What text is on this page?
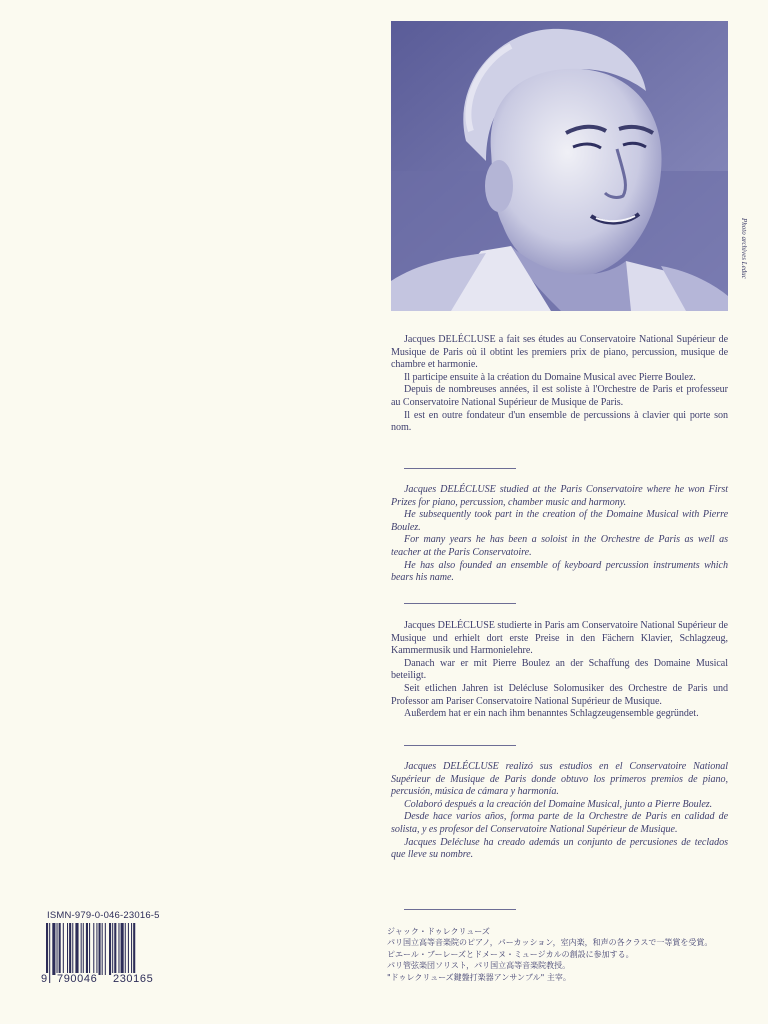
Photo archives Leduc

Jacques DELÉCLUSE a fait ses études au Conservatoire National Supérieur de Musique de Paris où il obtint les premiers prix de piano, percussion, musique de chambre et harmonie.

Il participe ensuite à la création du Domaine Musical avec Pierre Boulez.

Depuis de nombreuses années, il est soliste à l'Orchestre de Paris et professeur au Conservatoire National Supérieur de Musique de Paris.

Il est en outre fondateur d'un ensemble de percussions à clavier qui porte son nom.

Jacques DELÉCLUSE studied at the Paris Conservatoire where he won First Prizes for piano, percussion, chamber music and harmony.

He subsequently took part in the creation of the Domaine Musical with Pierre Boulez.

For many years he has been a soloist in the Orchestre de Paris as well as teacher at the Paris Conservatoire.

He has also founded an ensemble of keyboard percussion instruments which bears his name.

Jacques DELÉCLUSE studierte in Paris am Conservatoire National Supérieur de Musique und erhielt dort erste Preise in den Fächern Klavier, Schlagzeug, Kammermusik und Harmonielehre.

Danach war er mit Pierre Boulez an der Schaffung des Domaine Musical beteiligt.

Seit etlichen Jahren ist Delécluse Solomusiker des Orchestre de Paris und Professor am Pariser Conservatoire National Supérieur de Musique.

Außerdem hat er ein nach ihm benanntes Schlagzeugensemble gegründet.

Jacques DELÉCLUSE realizó sus estudios en el Conservatoire National Supérieur de Musique de Paris donde obtuvo los primeros premios de piano, percusión, música de cámara y harmonía.

Colaboró después a la creación del Domaine Musical, junto a Pierre Boulez.

Desde hace varios años, forma parte de la Orchestre de Paris en calidad de solista, y es profesor del Conservatoire National Supérieur de Musique.

Jacques Delécluse ha creado además un conjunto de percusiones de teclados que lleve su nombre.

ジャック・ドゥレクリューズ
パリ国立高等音楽院のピアノ，パーカッション，室内楽，和声の各クラスで一等賞を受賞。
ピエール・ブーレーズとドメーヌ・ミュージカルの創設に参加する。
パリ管弦楽団ソリスト，パリ国立高等音楽院教授。
"ドゥレクリューズ鍵盤打楽器アンサンブル" 主宰。
ISMN-979-0-046-23016-5
9 790046 230165
